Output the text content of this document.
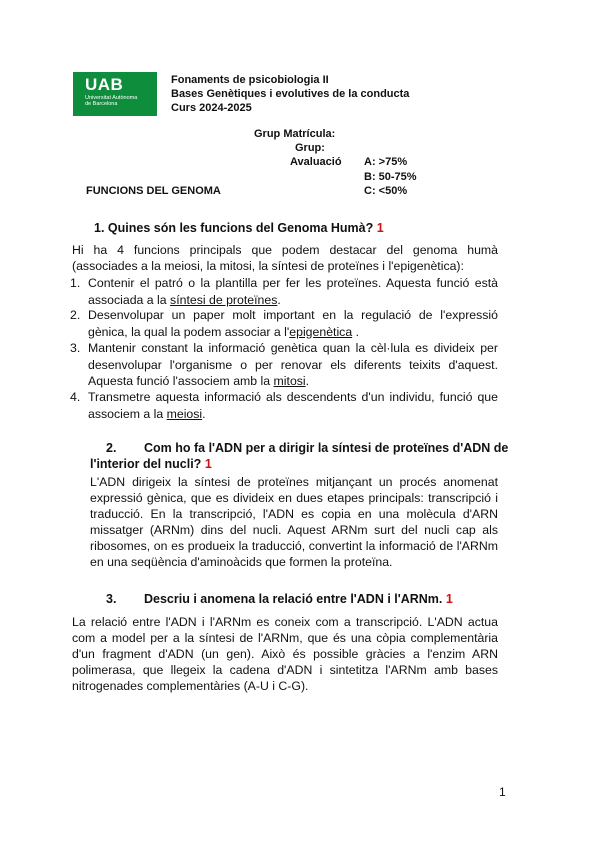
UAB
Universitat Autònoma
de Barcelona
Fonaments de psicobiologia II
Bases Genètiques i evolutives de la conducta
Curs 2024-2025
Grup Matrícula:
Grup:
Avaluació A: >75%
B: 50-75%
FUNCIONS DEL GENOMA	C: <50%
1. Quines són les funcions del Genoma Humà? 1
Hi ha 4 funcions principals que podem destacar del genoma humà (associades a la meiosi, la mitosi, la síntesi de proteïnes i l'epigenètica):
1. Contenir el patró o la plantilla per fer les proteïnes. Aquesta funció està associada a la síntesi de proteïnes.
2. Desenvolupar un paper molt important en la regulació de l'expressió gènica, la qual la podem associar a l'epigenètica .
3. Mantenir constant la informació genètica quan la cèl·lula es divideix per desenvolupar l'organisme o per renovar els diferents teixits d'aquest. Aquesta funció l'associem amb la mitosi.
4. Transmetre aquesta informació als descendents d'un individu, funció que associem a la meiosi.
2. Com ho fa l'ADN per a dirigir la síntesi de proteïnes d'ADN de
l'interior del nucli? 1
L'ADN dirigeix la síntesi de proteïnes mitjançant un procés anomenat expressió gènica, que es divideix en dues etapes principals: transcripció i traducció. En la transcripció, l'ADN es copia en una molècula d'ARN missatger (ARNm) dins del nucli. Aquest ARNm surt del nucli cap als ribosomes, on es produeix la traducció, convertint la informació de l'ARNm en una seqüència d'aminoàcids que formen la proteïna.
3. Descriu i anomena la relació entre l'ADN i l'ARNm. 1
La relació entre l'ADN i l'ARNm es coneix com a transcripció. L'ADN actua com a model per a la síntesi de l'ARNm, que és una còpia complementària d'un fragment d'ADN (un gen). Això és possible gràcies a l'enzim ARN polimerasa, que llegeix la cadena d'ADN i sintetitza l'ARNm amb bases nitrogenades complementàries (A-U i C-G).
1
